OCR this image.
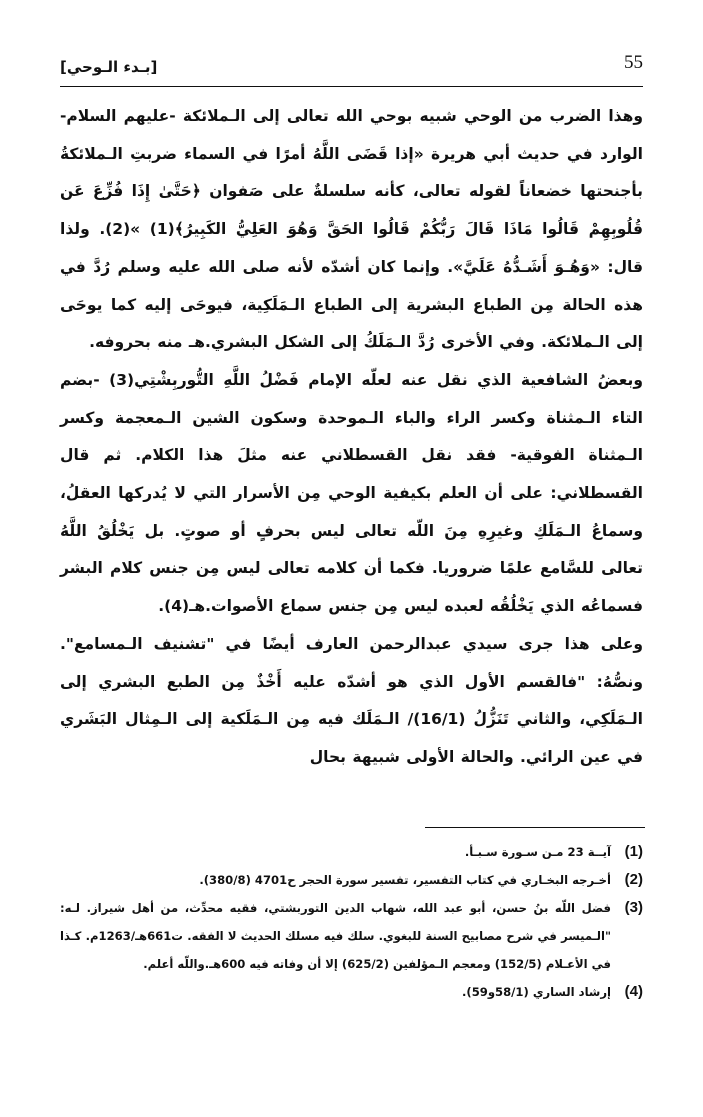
55
[بـدء الـوحي]

وهذا الضرب من الوحي شبيه بوحي الله تعالى إلى الـملائكة -عليهم السلام- الوارد في حديث أبي هريرة «إذا قَضَى اللَّهُ أمرًا في السماء ضربتِ الـملائكةُ بأجنحتها خضعاناً لقوله تعالى، كأنه سلسلةٌ على صَفوان ﴿حَتَّىٰ إِذَا فُزِّعَ عَن قُلُوبِهِمْ قَالُوا مَاذَا قَالَ رَبُّكُمْ قَالُوا الحَقَّ وَهُوَ العَلِيُّ الكَبِيرُ﴾(1) »(2). ولذا قال: «وَهُـوَ أَشَـدُّهُ عَلَيَّ». وإنما كان أشدّه لأنه صلى الله عليه وسلم رُدَّ في هذه الحالة مِن الطباع البشرية إلى الطباع الـمَلَكِية، فيوحَى إليه كما يوحَى إلى الـملائكة. وفي الأخرى رُدَّ الـمَلَكُ إلى الشكل البشري.هـ منه بحروفه.

وبعضُ الشافعية الذي نقل عنه لعلّه الإمام فَضْلُ اللَّهِ التُّوربِشْتِي(3) -بضم التاء الـمثناة وكسر الراء والباء الـموحدة وسكون الشين الـمعجمة وكسر الـمثناة الفوقية- فقد نقل القسطلاني عنه مثلَ هذا الكلام. ثم قال القسطلاني: على أن العلم بكيفية الوحي مِن الأسرار التي لا يُدركها العقلُ، وسماعُ الـمَلَكِ وغيرِهِ مِنَ اللّه تعالى ليس بحرفٍ أو صوتٍ. بل يَخْلُقُ اللَّهُ تعالى للسَّامع علمًا ضروريا. فكما أن كلامه تعالى ليس مِن جنس كلام البشر فسماعُه الذي يَخْلُقُه لعبده ليس مِن جنس سماع الأصوات.هـ(4).

وعلى هذا جرى سيدي عبدالرحمن العارف أيضًا في "تشنيف الـمسامع". ونصُّهُ: "فالقسم الأول الذي هو أشدّه عليه أَخْذٌ مِن الطبع البشري إلى الـمَلَكِي، والثاني تَنَزُّلُ (16/1)/ الـمَلَك فيه مِن الـمَلَكية إلى الـمِثال البَشَري في عين الرائي. والحالة الأولى شبيهة بحال

(1)
آيــة 23 مـن سـورة سـبـأ.
(2)
أخـرجه البخـاري في كتاب التفسير، تفسير سورة الحجر ح4701 (380/8).
(3)
فضل اللّه بنُ حسن، أبو عبد الله، شهاب الدين التوربشتي، فقيه محدِّث، من أهل شيراز. لـه: "الـميسر في شرح مصابيح السنة للبغوي. سلك فيه مسلك الحديث لا الفقه. ت661هـ/1263م. كـذا في الأعـلام (152/5) ومعجم الـمؤلفين (625/2) إلا أن وفاته فيه 600هـ.واللّه أعلم.
(4)
إرشاد الساري (58/1و59).
